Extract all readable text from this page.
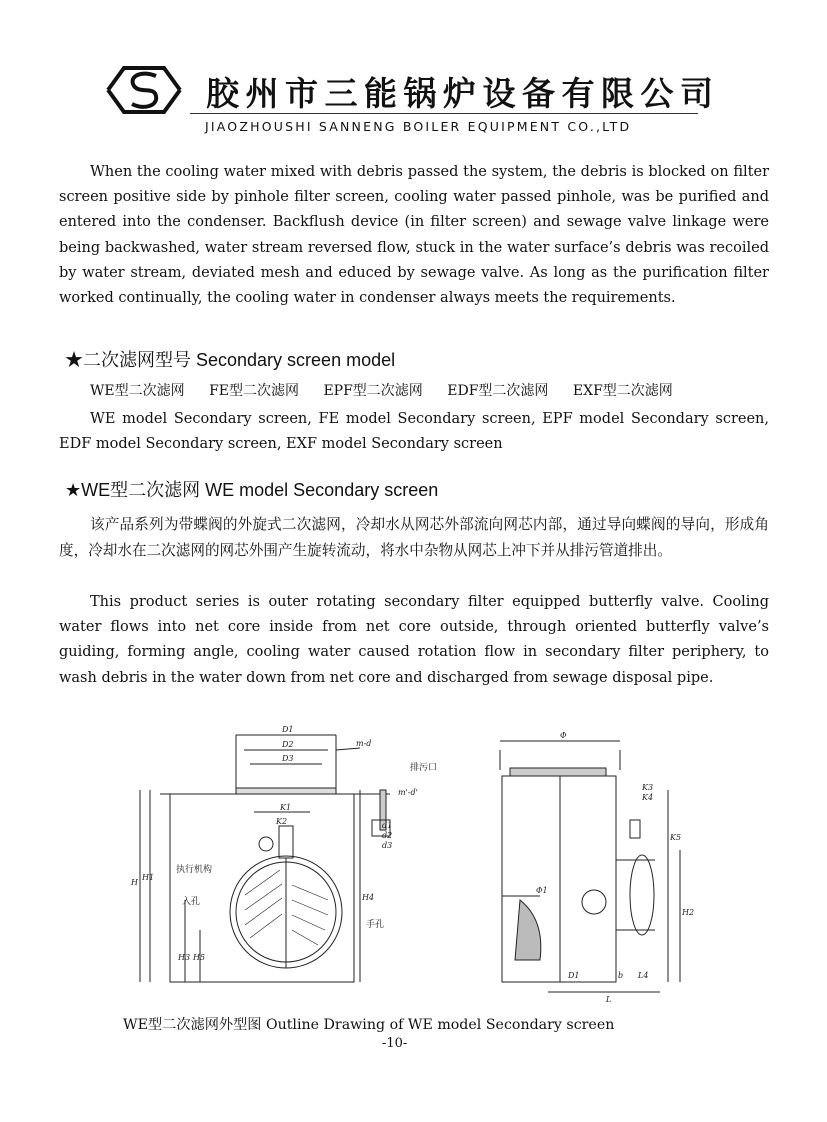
胶州市三能锅炉设备有限公司
JIAOZHOUSHI SANNENG BOILER EQUIPMENT CO.,LTD

When the cooling water mixed with debris passed the system, the debris is blocked on filter screen positive side by pinhole filter screen, cooling water passed pinhole, was be purified and entered into the condenser. Backflush device (in filter screen) and sewage valve linkage were being backwashed, water stream reversed flow, stuck in the water surface’s debris was recoiled by water stream, deviated mesh and educed by sewage valve. As long as the purification filter worked continually, the cooling water in condenser always meets the requirements.

★二次滤网型号 Secondary screen model
WE型二次滤网 FE型二次滤网 EPF型二次滤网 EDF型二次滤网 EXF型二次滤网

WE model Secondary screen, FE model Secondary screen, EPF model Secondary screen, EDF model Secondary screen, EXF model Secondary screen

★WE型二次滤网 WE model Secondary screen

该产品系列为带蝶阀的外旋式二次滤网，冷却水从网芯外部流向网芯内部，通过导向蝶阀的导向，形成角度，冷却水在二次滤网的网芯外围产生旋转流动，将水中杂物从网芯上冲下并从排污管道排出。

This product series is outer rotating secondary filter equipped butterfly valve. Cooling water flows into net core inside from net core outside, through oriented butterfly valve’s guiding, forming angle, cooling water caused rotation flow in secondary filter periphery, to wash debris in the water down from net core and discharged from sewage disposal pipe.

D1
D2
D3
m-d
排污口
m'-d'
K1
K2
执行机构
入孔
手孔
H
H1
H3 H5
H4
d1
d2
d3
Φ
Φ1
K3
K4
K5
H2
D1	b L4
L
WE型二次滤网外型图 Outline Drawing of WE model Secondary screen
-10-
